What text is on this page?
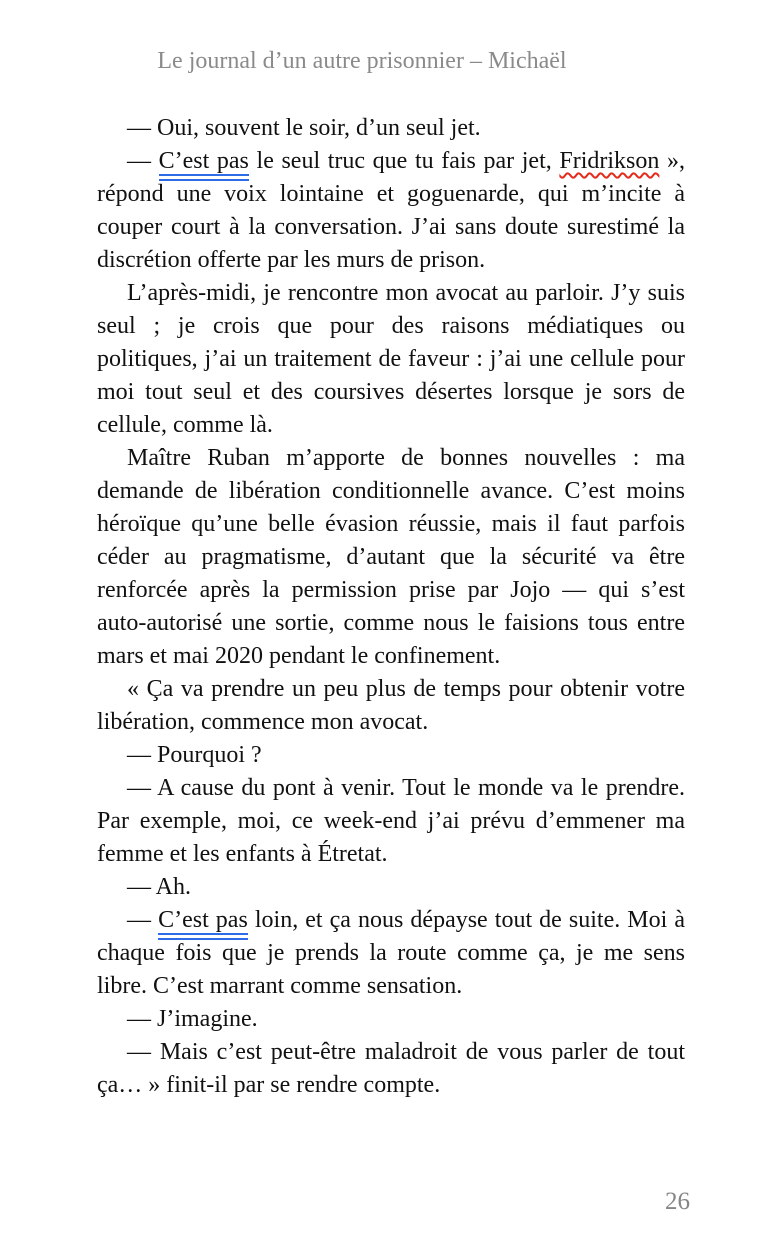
Le journal d’un autre prisonnier – Michaël

— Oui, souvent le soir, d’un seul jet.

— C’est pas le seul truc que tu fais par jet, Fridrikson », répond une voix lointaine et goguenarde, qui m’incite à couper court à la conversation. J’ai sans doute surestimé la discrétion offerte par les murs de prison.

L’après-midi, je rencontre mon avocat au parloir. J’y suis seul ; je crois que pour des raisons médiatiques ou politiques, j’ai un traitement de faveur : j’ai une cellule pour moi tout seul et des coursives désertes lorsque je sors de cellule, comme là.

Maître Ruban m’apporte de bonnes nouvelles : ma demande de libération conditionnelle avance. C’est moins héroïque qu’une belle évasion réussie, mais il faut parfois céder au pragmatisme, d’autant que la sécurité va être renforcée après la permission prise par Jojo — qui s’est auto-autorisé une sortie, comme nous le faisions tous entre mars et mai 2020 pendant le confinement.

« Ça va prendre un peu plus de temps pour obtenir votre libération, commence mon avocat.

— Pourquoi ?

— A cause du pont à venir. Tout le monde va le prendre. Par exemple, moi, ce week-end j’ai prévu d’emmener ma femme et les enfants à Étretat.

— Ah.

— C’est pas loin, et ça nous dépayse tout de suite. Moi à chaque fois que je prends la route comme ça, je me sens libre. C’est marrant comme sensation.

— J’imagine.

— Mais c’est peut-être maladroit de vous parler de tout ça… » finit-il par se rendre compte.

26
